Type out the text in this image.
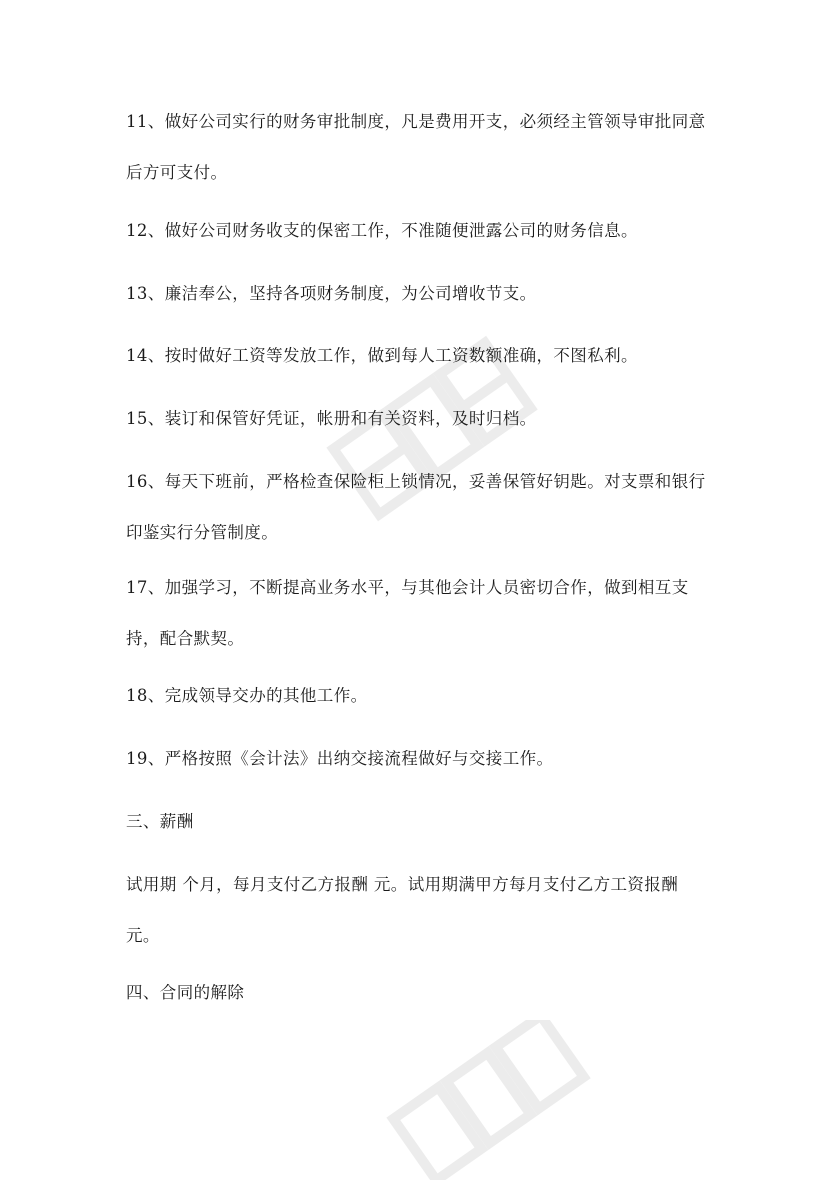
11、做好公司实行的财务审批制度，凡是费用开支，必须经主管领导审批同意后方可支付。

12、做好公司财务收支的保密工作，不准随便泄露公司的财务信息。

13、廉洁奉公，坚持各项财务制度，为公司增收节支。

14、按时做好工资等发放工作，做到每人工资数额准确，不图私利。

15、装订和保管好凭证，帐册和有关资料，及时归档。

16、每天下班前，严格检查保险柜上锁情况，妥善保管好钥匙。对支票和银行印鉴实行分管制度。

17、加强学习，不断提高业务水平，与其他会计人员密切合作，做到相互支持，配合默契。

18、完成领导交办的其他工作。

19、严格按照《会计法》出纳交接流程做好与交接工作。

三、薪酬

试用期 个月，每月支付乙方报酬 元。试用期满甲方每月支付乙方工资报酬 元。

四、合同的解除
